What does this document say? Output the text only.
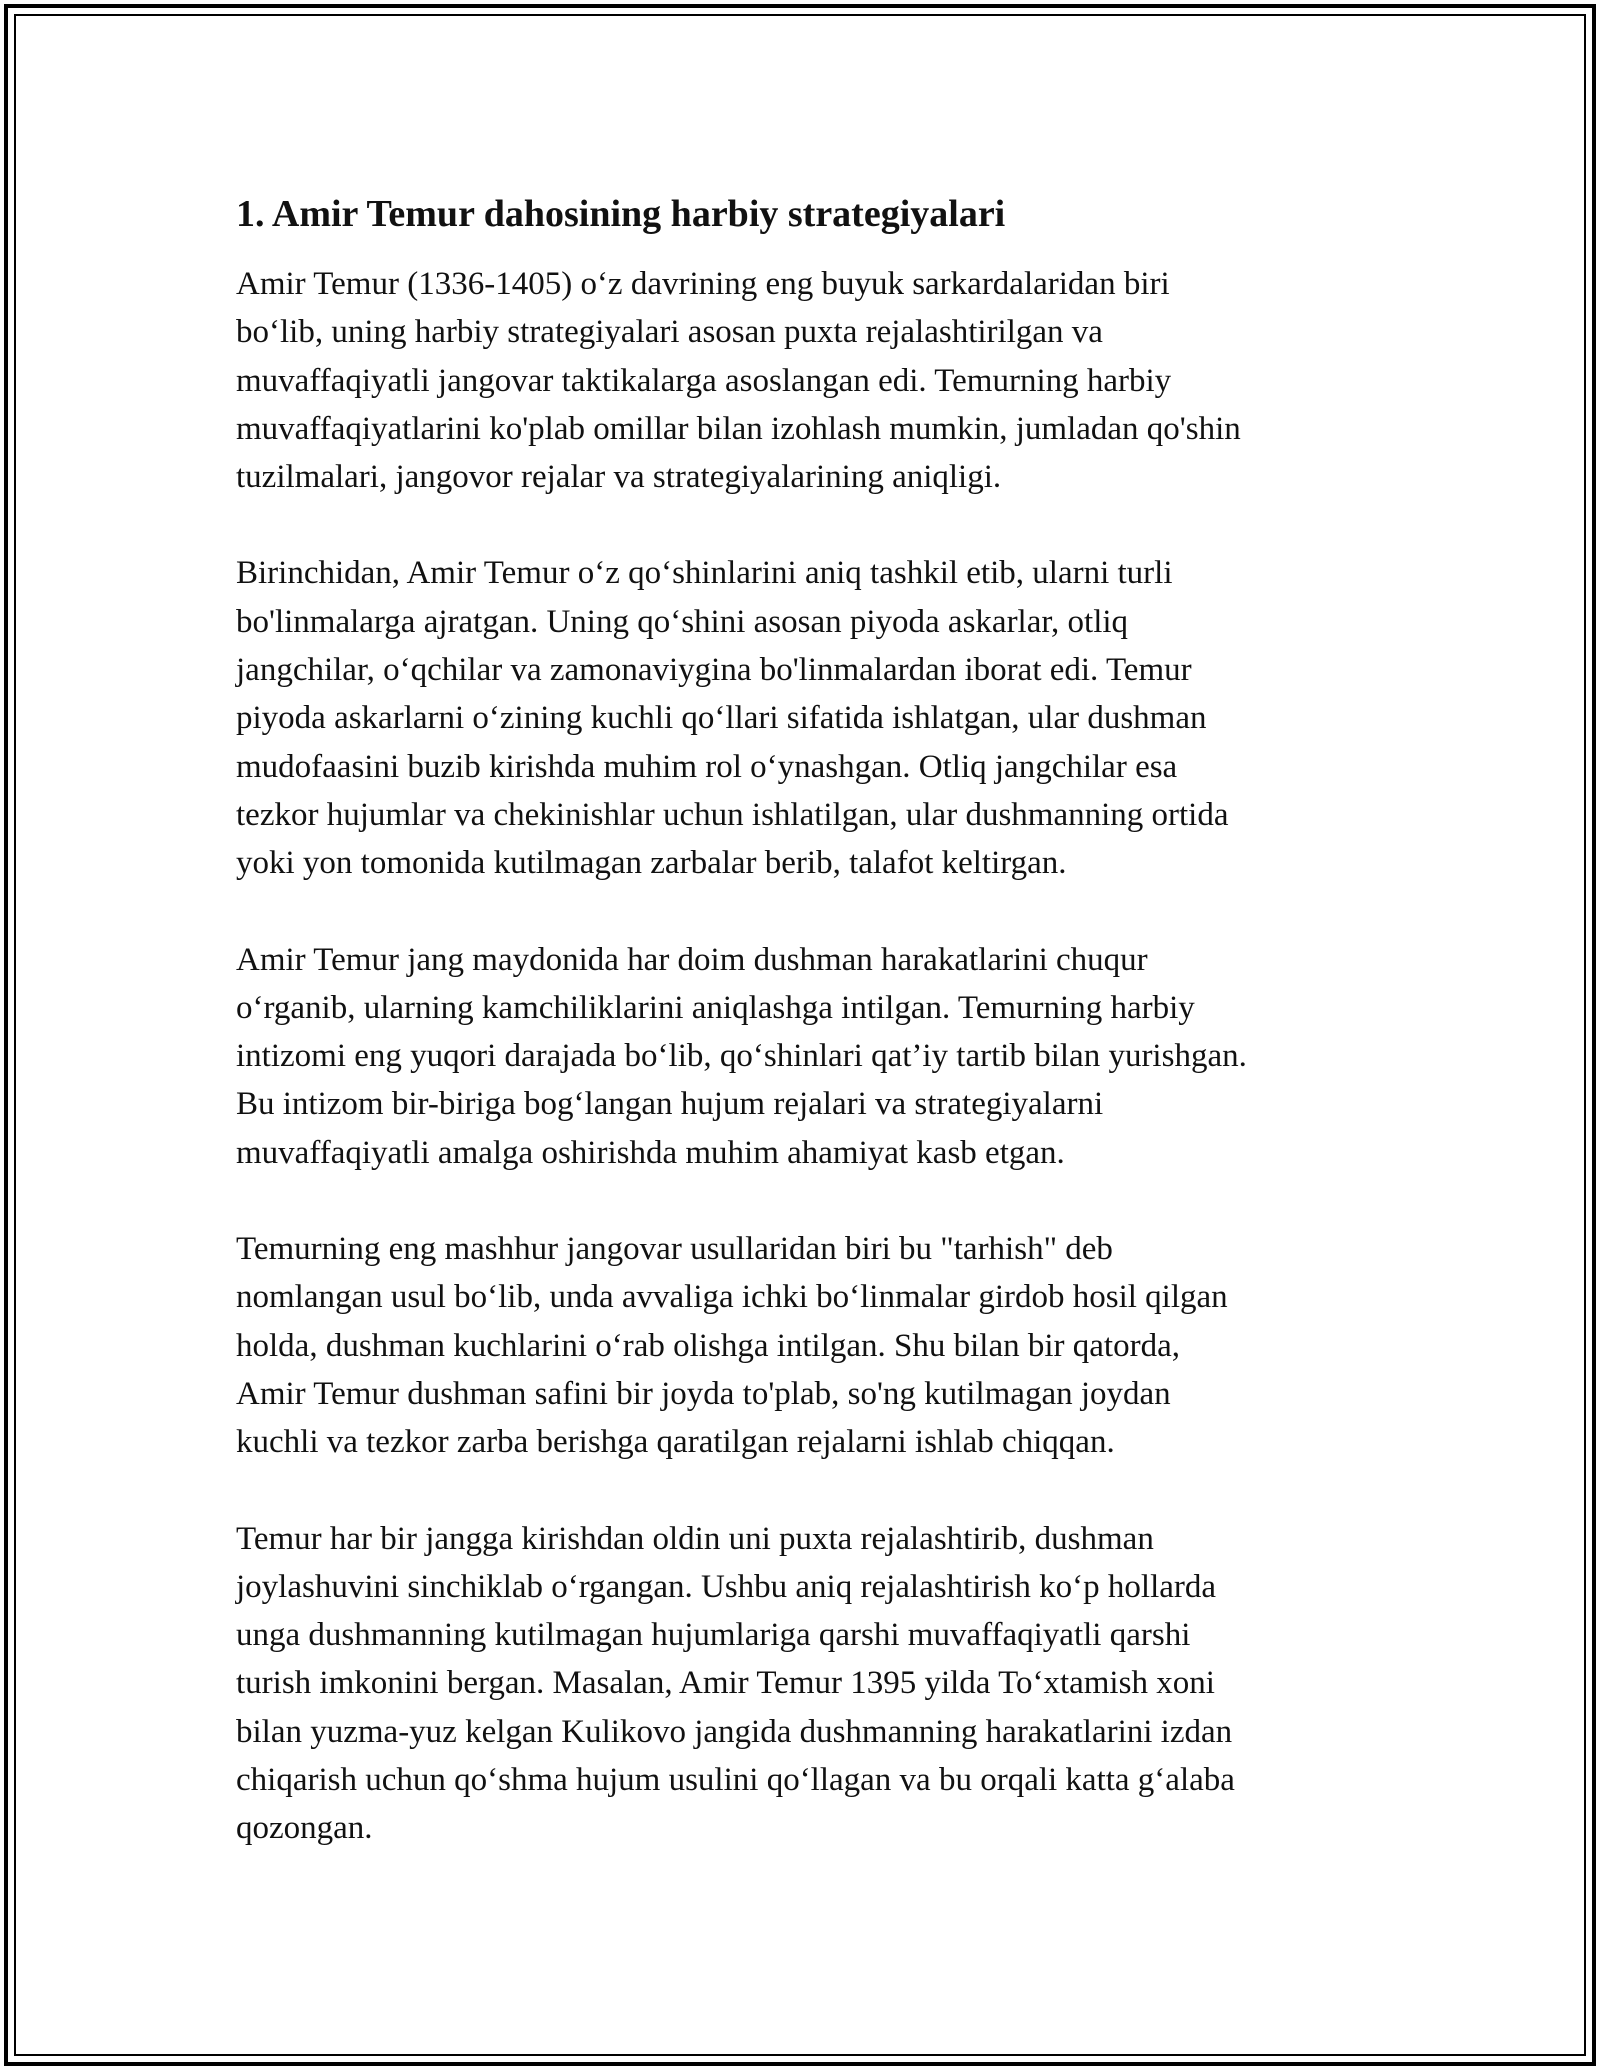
1. Amir Temur dahosining harbiy strategiyalari

Amir Temur (1336-1405) o‘z davrining eng buyuk sarkardalaridan biri
bo‘lib, uning harbiy strategiyalari asosan puxta rejalashtirilgan va
muvaffaqiyatli jangovar taktikalarga asoslangan edi. Temurning harbiy
muvaffaqiyatlarini ko'plab omillar bilan izohlash mumkin, jumladan qo'shin
tuzilmalari, jangovor rejalar va strategiyalarining aniqligi.

Birinchidan, Amir Temur o‘z qo‘shinlarini aniq tashkil etib, ularni turli
bo'linmalarga ajratgan. Uning qo‘shini asosan piyoda askarlar, otliq
jangchilar, o‘qchilar va zamonaviygina bo'linmalardan iborat edi. Temur
piyoda askarlarni o‘zining kuchli qo‘llari sifatida ishlatgan, ular dushman
mudofaasini buzib kirishda muhim rol o‘ynashgan. Otliq jangchilar esa
tezkor hujumlar va chekinishlar uchun ishlatilgan, ular dushmanning ortida
yoki yon tomonida kutilmagan zarbalar berib, talafot keltirgan.

Amir Temur jang maydonida har doim dushman harakatlarini chuqur
o‘rganib, ularning kamchiliklarini aniqlashga intilgan. Temurning harbiy
intizomi eng yuqori darajada bo‘lib, qo‘shinlari qat’iy tartib bilan yurishgan.
Bu intizom bir-biriga bog‘langan hujum rejalari va strategiyalarni
muvaffaqiyatli amalga oshirishda muhim ahamiyat kasb etgan.

Temurning eng mashhur jangovar usullaridan biri bu "tarhish" deb
nomlangan usul bo‘lib, unda avvaliga ichki bo‘linmalar girdob hosil qilgan
holda, dushman kuchlarini o‘rab olishga intilgan. Shu bilan bir qatorda,
Amir Temur dushman safini bir joyda to'plab, so'ng kutilmagan joydan
kuchli va tezkor zarba berishga qaratilgan rejalarni ishlab chiqqan.

Temur har bir jangga kirishdan oldin uni puxta rejalashtirib, dushman
joylashuvini sinchiklab o‘rgangan. Ushbu aniq rejalashtirish ko‘p hollarda
unga dushmanning kutilmagan hujumlariga qarshi muvaffaqiyatli qarshi
turish imkonini bergan. Masalan, Amir Temur 1395 yilda To‘xtamish xoni
bilan yuzma-yuz kelgan Kulikovo jangida dushmanning harakatlarini izdan
chiqarish uchun qo‘shma hujum usulini qo‘llagan va bu orqali katta g‘alaba
qozongan.
